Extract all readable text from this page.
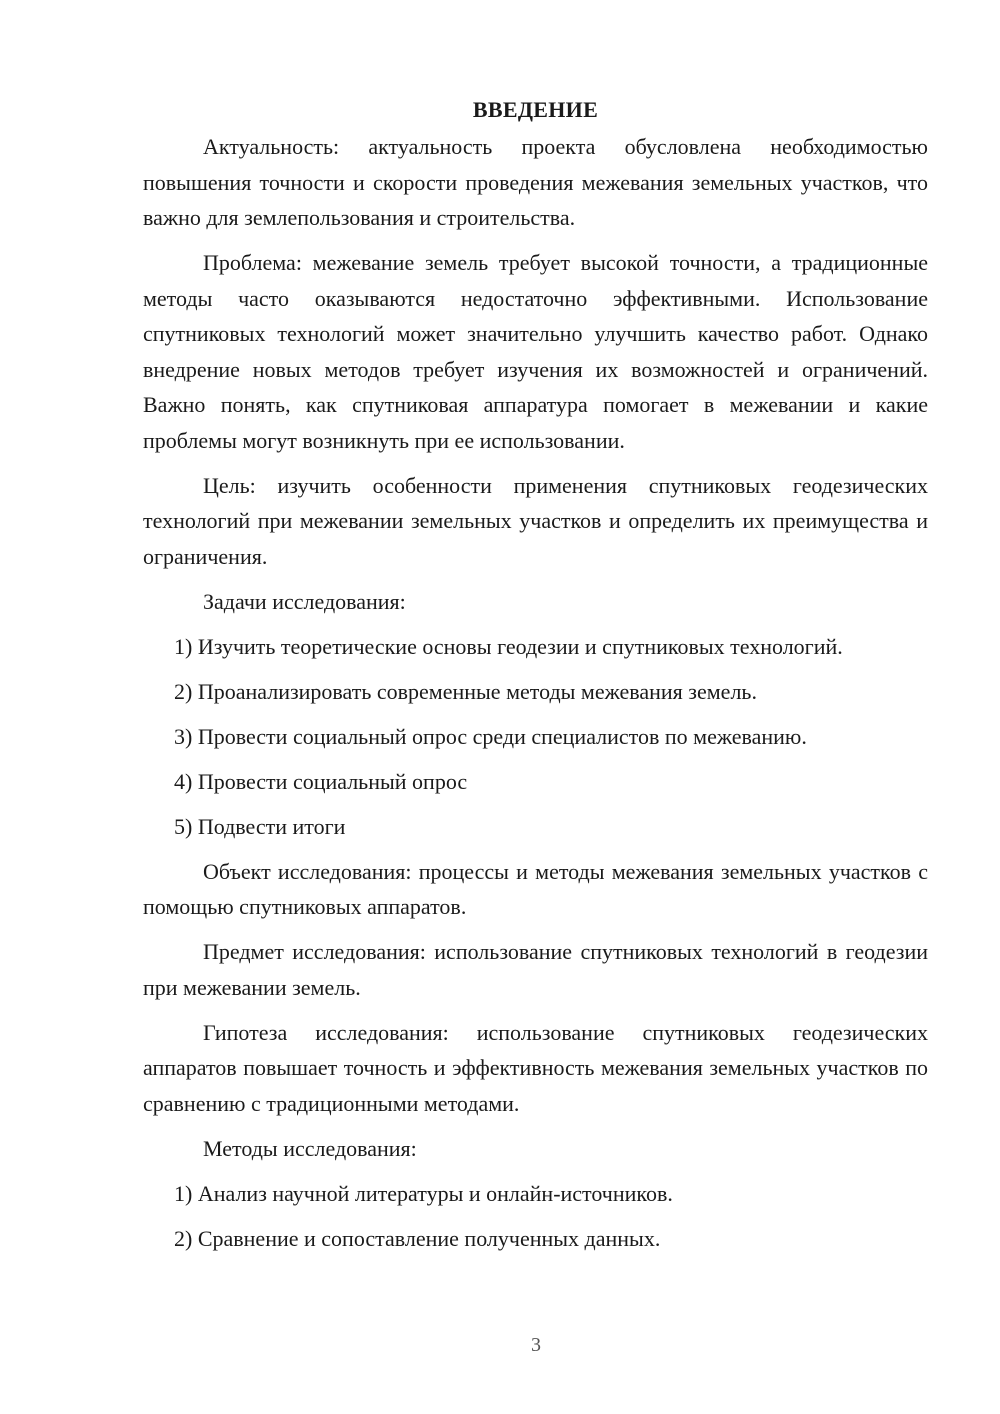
ВВЕДЕНИЕ

Актуальность: актуальность проекта обусловлена необходимостью повышения точности и скорости проведения межевания земельных участков, что важно для землепользования и строительства.

Проблема: межевание земель требует высокой точности, а традиционные методы часто оказываются недостаточно эффективными. Использование спутниковых технологий может значительно улучшить качество работ. Однако внедрение новых методов требует изучения их возможностей и ограничений. Важно понять, как спутниковая аппаратура помогает в межевании и какие проблемы могут возникнуть при ее использовании.

Цель: изучить особенности применения спутниковых геодезических технологий при межевании земельных участков и определить их преимущества и ограничения.

Задачи исследования:

1) Изучить теоретические основы геодезии и спутниковых технологий.

2) Проанализировать современные методы межевания земель.

3) Провести социальный опрос среди специалистов по межеванию.

4) Провести социальный опрос

5) Подвести итоги

Объект исследования: процессы и методы межевания земельных участков с помощью спутниковых аппаратов.

Предмет исследования: использование спутниковых технологий в геодезии при межевании земель.

Гипотеза исследования: использование спутниковых геодезических аппаратов повышает точность и эффективность межевания земельных участков по сравнению с традиционными методами.

Методы исследования:

1) Анализ научной литературы и онлайн-источников.

2) Сравнение и сопоставление полученных данных.

3
